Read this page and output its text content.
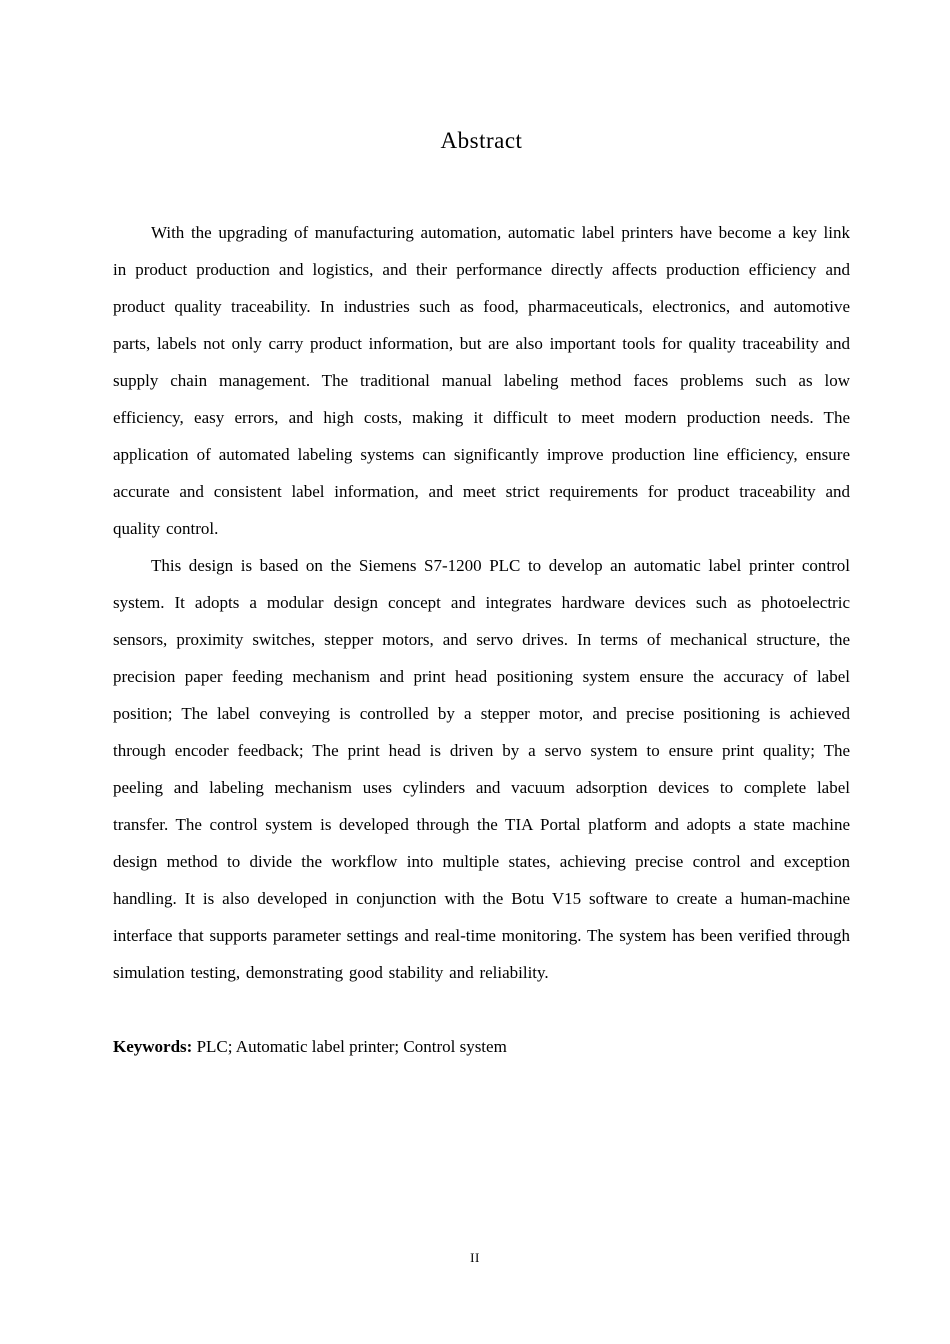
Abstract

With the upgrading of manufacturing automation, automatic label printers have become a key link in product production and logistics, and their performance directly affects production efficiency and product quality traceability. In industries such as food, pharmaceuticals, electronics, and automotive parts, labels not only carry product information, but are also important tools for quality traceability and supply chain management. The traditional manual labeling method faces problems such as low efficiency, easy errors, and high costs, making it difficult to meet modern production needs. The application of automated labeling systems can significantly improve production line efficiency, ensure accurate and consistent label information, and meet strict requirements for product traceability and quality control.

This design is based on the Siemens S7-1200 PLC to develop an automatic label printer control system. It adopts a modular design concept and integrates hardware devices such as photoelectric sensors, proximity switches, stepper motors, and servo drives. In terms of mechanical structure, the precision paper feeding mechanism and print head positioning system ensure the accuracy of label position; The label conveying is controlled by a stepper motor, and precise positioning is achieved through encoder feedback; The print head is driven by a servo system to ensure print quality; The peeling and labeling mechanism uses cylinders and vacuum adsorption devices to complete label transfer. The control system is developed through the TIA Portal platform and adopts a state machine design method to divide the workflow into multiple states, achieving precise control and exception handling. It is also developed in conjunction with the Botu V15 software to create a human-machine interface that supports parameter settings and real-time monitoring. The system has been verified through simulation testing, demonstrating good stability and reliability.

Keywords: PLC; Automatic label printer; Control system

II
